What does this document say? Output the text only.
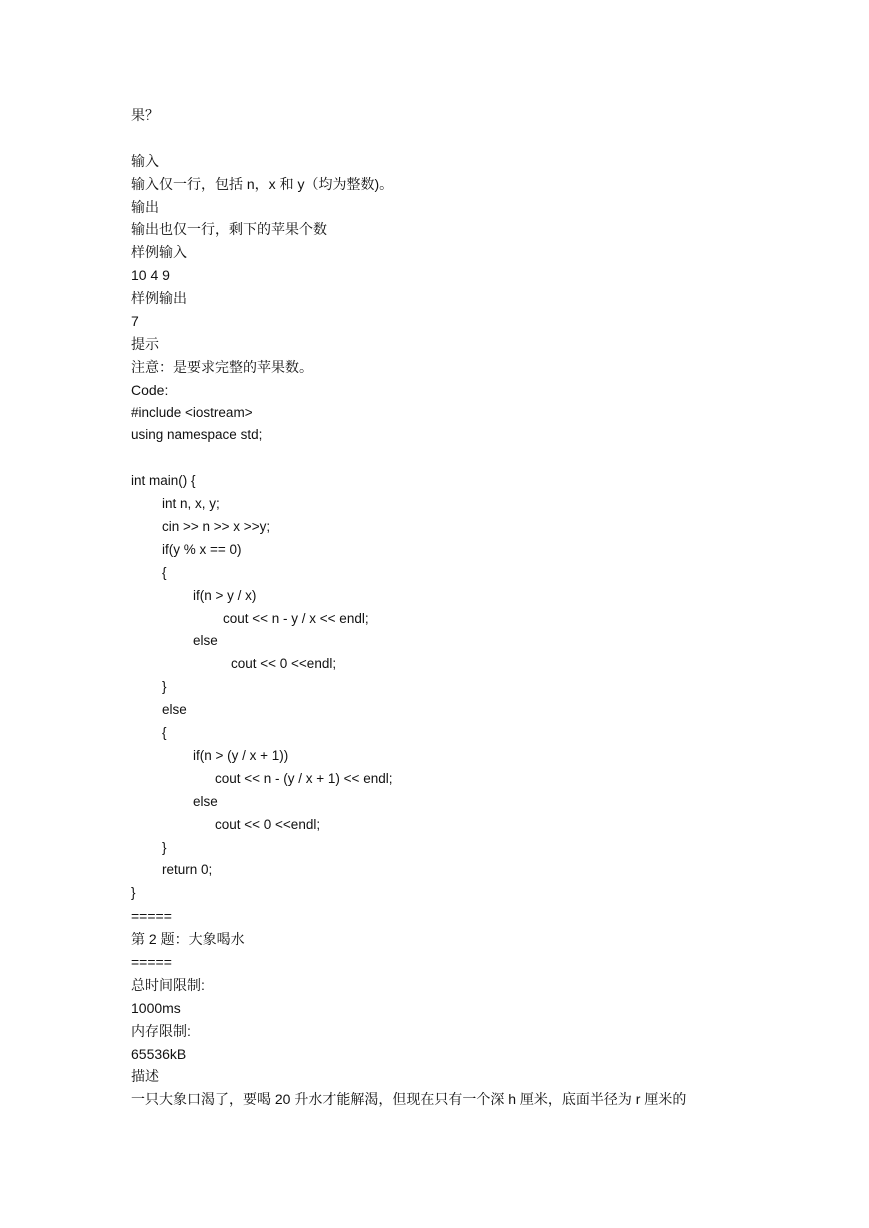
果？
输入
输入仅一行，包括 n，x 和 y（均为整数)。
输出
输出也仅一行，剩下的苹果个数
样例输入
10 4 9
样例输出
7
提示
注意：是要求完整的苹果数。
Code:
#include <iostream>
using namespace std;
int main() {
int n, x, y;
cin >> n >> x >>y;
if(y % x == 0)
{
if(n > y / x)
cout << n - y / x << endl;
else
cout << 0 <<endl;
}
else
{
if(n > (y / x + 1))
cout << n - (y / x + 1) << endl;
else
cout << 0 <<endl;
}
return 0;
}
=====
第 2 题：大象喝水
=====
总时间限制:
1000ms
内存限制:
65536kB
描述
一只大象口渴了，要喝 20 升水才能解渴，但现在只有一个深 h 厘米，底面半径为 r 厘米的
